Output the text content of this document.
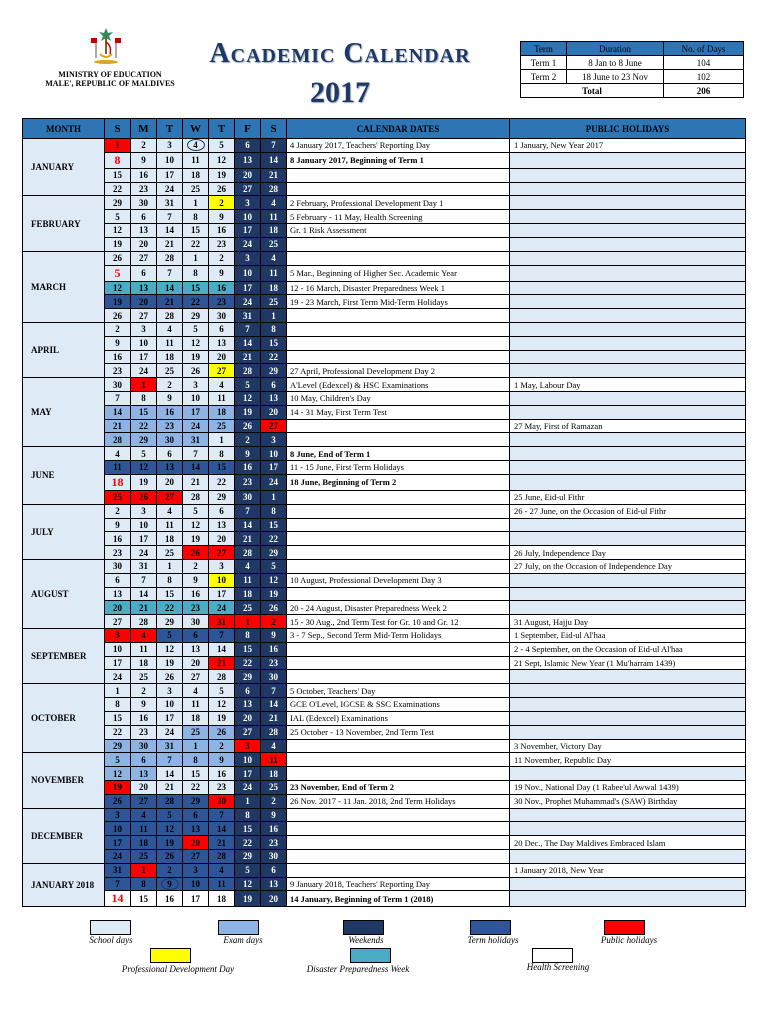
MINISTRY OF EDUCATION
MALE', REPUBLIC OF MALDIVES
Academic Calendar
2017
Term	Duration	No. of Days
Term 1	8 Jan to 8 June	104
Term 2	18 June to 23 Nov	102
Total		206
MONTH	S	M	T	W	T	F	S	CALENDAR DATES	PUBLIC HOLIDAYS
JANUARY	1	2	3	4	5	6	7	4 January 2017, Teachers' Reporting Day	1 January, New Year 2017
	8	9	10	11	12	13	14	8 January 2017, Beginning of Term 1	
	15	16	17	18	19	20	21		
	22	23	24	25	26	27	28		
FEBRUARY	29	30	31	1	2	3	4	2 February, Professional Development Day 1	
	5	6	7	8	9	10	11	5 February - 11 May, Health Screening	
	12	13	14	15	16	17	18	Gr. 1 Risk Assessment	
	19	20	21	22	23	24	25		
MARCH	26	27	28	1	2	3	4		
	5	6	7	8	9	10	11	5 Mar., Beginning of Higher Sec. Academic Year	
	12	13	14	15	16	17	18	12 - 16 March, Disaster Preparedness Week 1	
	19	20	21	22	23	24	25	19 - 23 March, First Term Mid-Term Holidays	
	26	27	28	29	30	31	1		
APRIL	2	3	4	5	6	7	8		
	9	10	11	12	13	14	15		
	16	17	18	19	20	21	22		
	23	24	25	26	27	28	29	27 April, Professional Development Day 2	
MAY	30	1	2	3	4	5	6	A'Level (Edexcel) & HSC Examinations	1 May, Labour Day
	7	8	9	10	11	12	13	10 May, Children's Day	
	14	15	16	17	18	19	20	14 - 31 May, First Term Test	
	21	22	23	24	25	26	27		27 May, First of Ramazan
	28	29	30	31	1	2	3		
JUNE	4	5	6	7	8	9	10	8 June, End of Term 1	
	11	12	13	14	15	16	17	11 - 15 June, First Term Holidays	
	18	19	20	21	22	23	24	18 June, Beginning of Term 2	
	25	26	27	28	29	30	1		25 June, Eid-ul Fithr
JULY	2	3	4	5	6	7	8		26 - 27 June, on the Occasion of Eid-ul Fithr
	9	10	11	12	13	14	15		
	16	17	18	19	20	21	22		
	23	24	25	26	27	28	29		26 July, Independence Day
AUGUST	30	31	1	2	3	4	5		27 July, on the Occasion of Independence Day
	6	7	8	9	10	11	12	10 August, Professional Development Day 3	
	13	14	15	16	17	18	19		
	20	21	22	23	24	25	26	20 - 24 August, Disaster Preparedness Week 2	
	27	28	29	30	31	1	2	15 - 30 Aug., 2nd Term Test for Gr. 10 and Gr. 12	31 August, Hajju Day
SEPTEMBER	3	4	5	6	7	8	9	3 - 7 Sep., Second Term Mid-Term Holidays	1 September, Eid-ul Al'haa
	10	11	12	13	14	15	16		2 - 4 September, on the Occasion of Eid-ul Al'haa
	17	18	19	20	21	22	23		21 Sept, Islamic New Year (1 Mu'harram 1439)
	24	25	26	27	28	29	30		
OCTOBER	1	2	3	4	5	6	7	5 October, Teachers' Day	
	8	9	10	11	12	13	14	GCE O'Level, IGCSE & SSC Examinations	
	15	16	17	18	19	20	21	IAL (Edexcel) Examinations	
	22	23	24	25	26	27	28	25 October - 13 November, 2nd Term Test	
	29	30	31	1	2	3	4		3 November, Victory Day
NOVEMBER	5	6	7	8	9	10	11		11 November, Republic Day
	12	13	14	15	16	17	18		
	19	20	21	22	23	24	25	23 November, End of Term 2	19 Nov., National Day (1 Rabee'ul Awwal 1439)
	26	27	28	29	30	1	2	26 Nov. 2017 - 11 Jan. 2018, 2nd Term Holidays	30 Nov., Prophet Muhammad's (SAW) Birthday
DECEMBER	3	4	5	6	7	8	9		
	10	11	12	13	14	15	16		
	17	18	19	20	21	22	23		20 Dec., The Day Maldives Embraced Islam
	24	25	26	27	28	29	30		
JANUARY 2018	31	1	2	3	4	5	6		1 January 2018, New Year
	7	8	9	10	11	12	13	9 January 2018, Teachers' Reporting Day	
	14	15	16	17	18	19	20	14 January, Beginning of Term 1 (2018)	
School days	Exam days	Weekends	Term holidays	Public holidays
Professional Development Day	Disaster Preparedness Week	Health Screening
